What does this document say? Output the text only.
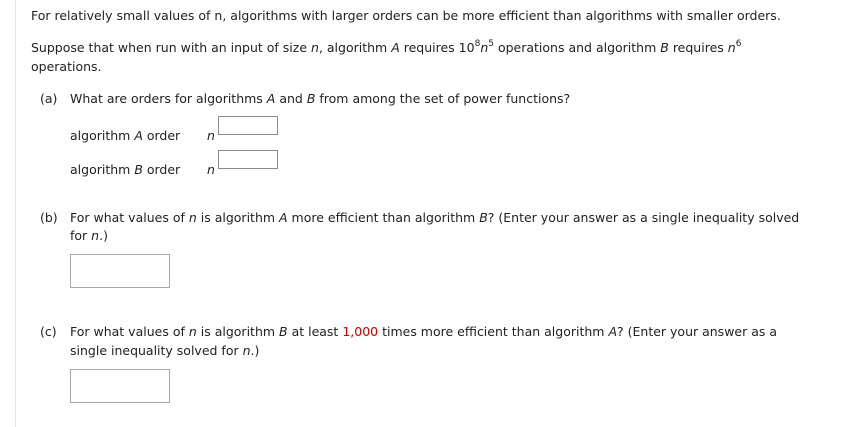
For relatively small values of n, algorithms with larger orders can be more efficient than algorithms with smaller orders.
Suppose that when run with an input of size n, algorithm A requires $10^8n^5$ operations and algorithm B requires $n^6$
operations.
(a) What are orders for algorithms A and B from among the set of power functions?
algorithm A order n
algorithm B order n
(b) For what values of n is algorithm A more efficient than algorithm B? (Enter your answer as a single inequality solved
for n.)
(c) For what values of n is algorithm B at least 1,000 times more efficient than algorithm A? (Enter your answer as a
single inequality solved for n.)
